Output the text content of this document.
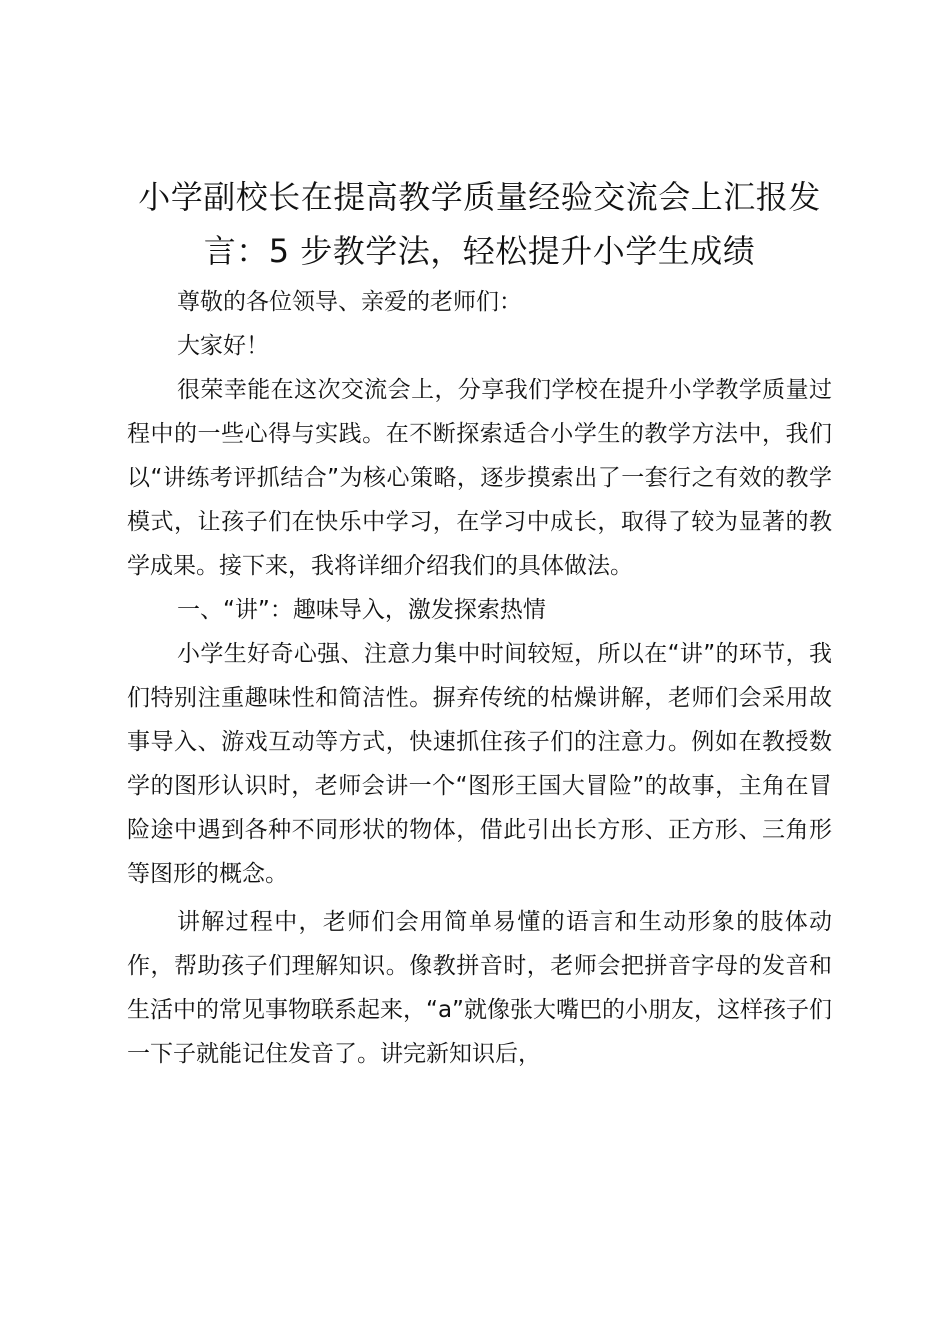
小学副校长在提高教学质量经验交流会上汇报发言：5 步教学法，轻松提升小学生成绩

尊敬的各位领导、亲爱的老师们：

大家好！

很荣幸能在这次交流会上，分享我们学校在提升小学教学质量过程中的一些心得与实践。在不断探索适合小学生的教学方法中，我们以“讲练考评抓结合”为核心策略，逐步摸索出了一套行之有效的教学模式，让孩子们在快乐中学习，在学习中成长，取得了较为显著的教学成果。接下来，我将详细介绍我们的具体做法。

一、“讲”：趣味导入，激发探索热情

小学生好奇心强、注意力集中时间较短，所以在“讲”的环节，我们特别注重趣味性和简洁性。摒弃传统的枯燥讲解，老师们会采用故事导入、游戏互动等方式，快速抓住孩子们的注意力。例如在教授数学的图形认识时，老师会讲一个“图形王国大冒险”的故事，主角在冒险途中遇到各种不同形状的物体，借此引出长方形、正方形、三角形等图形的概念。

讲解过程中，老师们会用简单易懂的语言和生动形象的肢体动作，帮助孩子们理解知识。像教拼音时，老师会把拼音字母的发音和生活中的常见事物联系起来，“a”就像张大嘴巴的小朋友，这样孩子们一下子就能记住发音了。讲完新知识后，
